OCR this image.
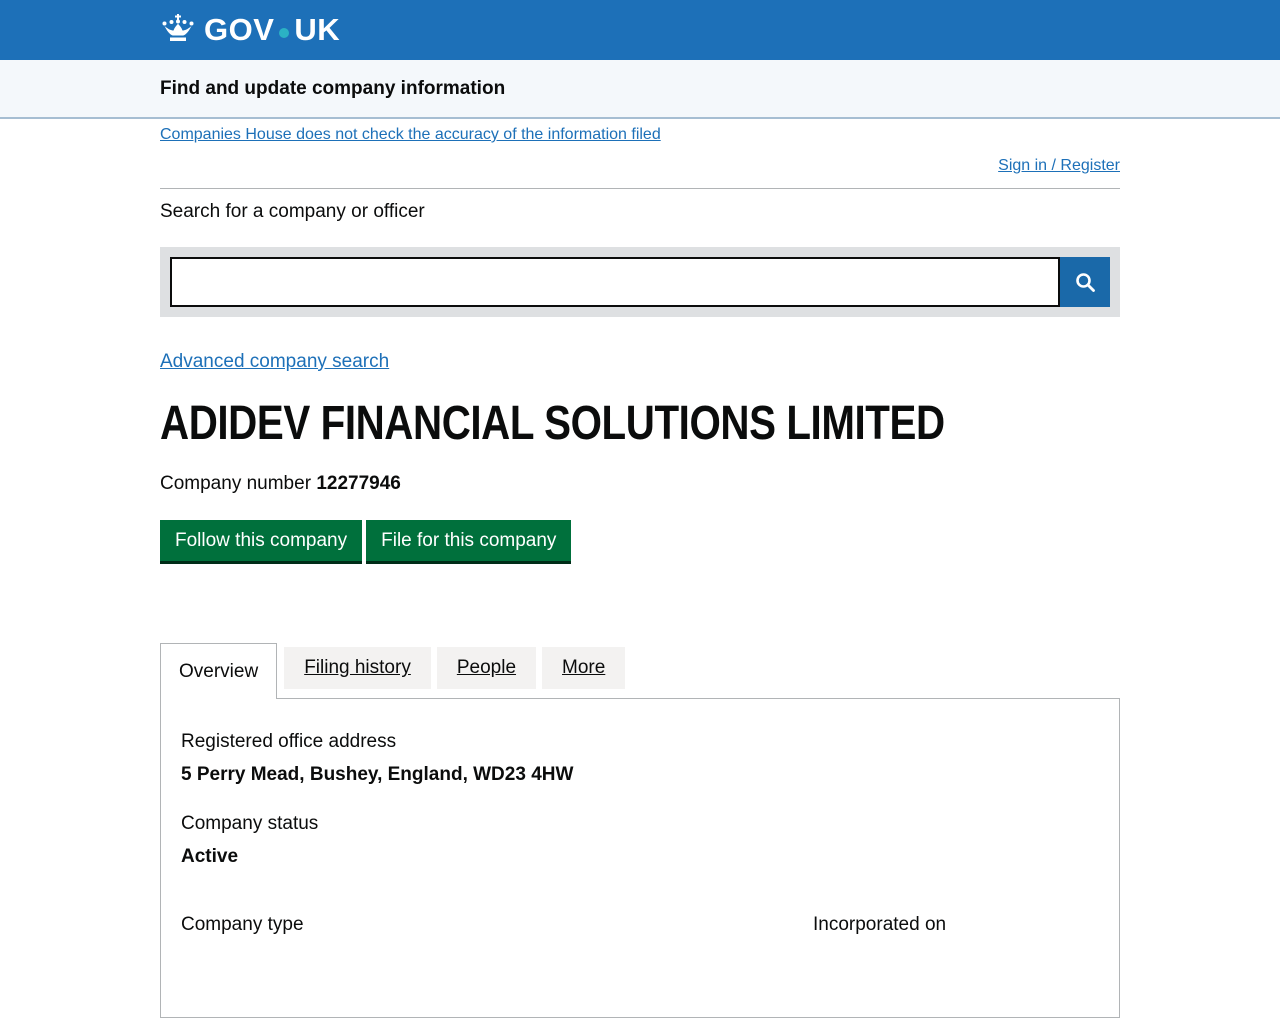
GOV UK
Find and update company information
Companies House does not check the accuracy of the information filed
Sign in / Register
Search for a company or officer
Advanced company search
ADIDEV FINANCIAL SOLUTIONS LIMITED

Company number 12277946

Follow this company	File for this company
Overview Filing history People More
Registered office address
5 Perry Mead, Bushey, England, WD23 4HW
Company status
Active
Company type	Incorporated on
